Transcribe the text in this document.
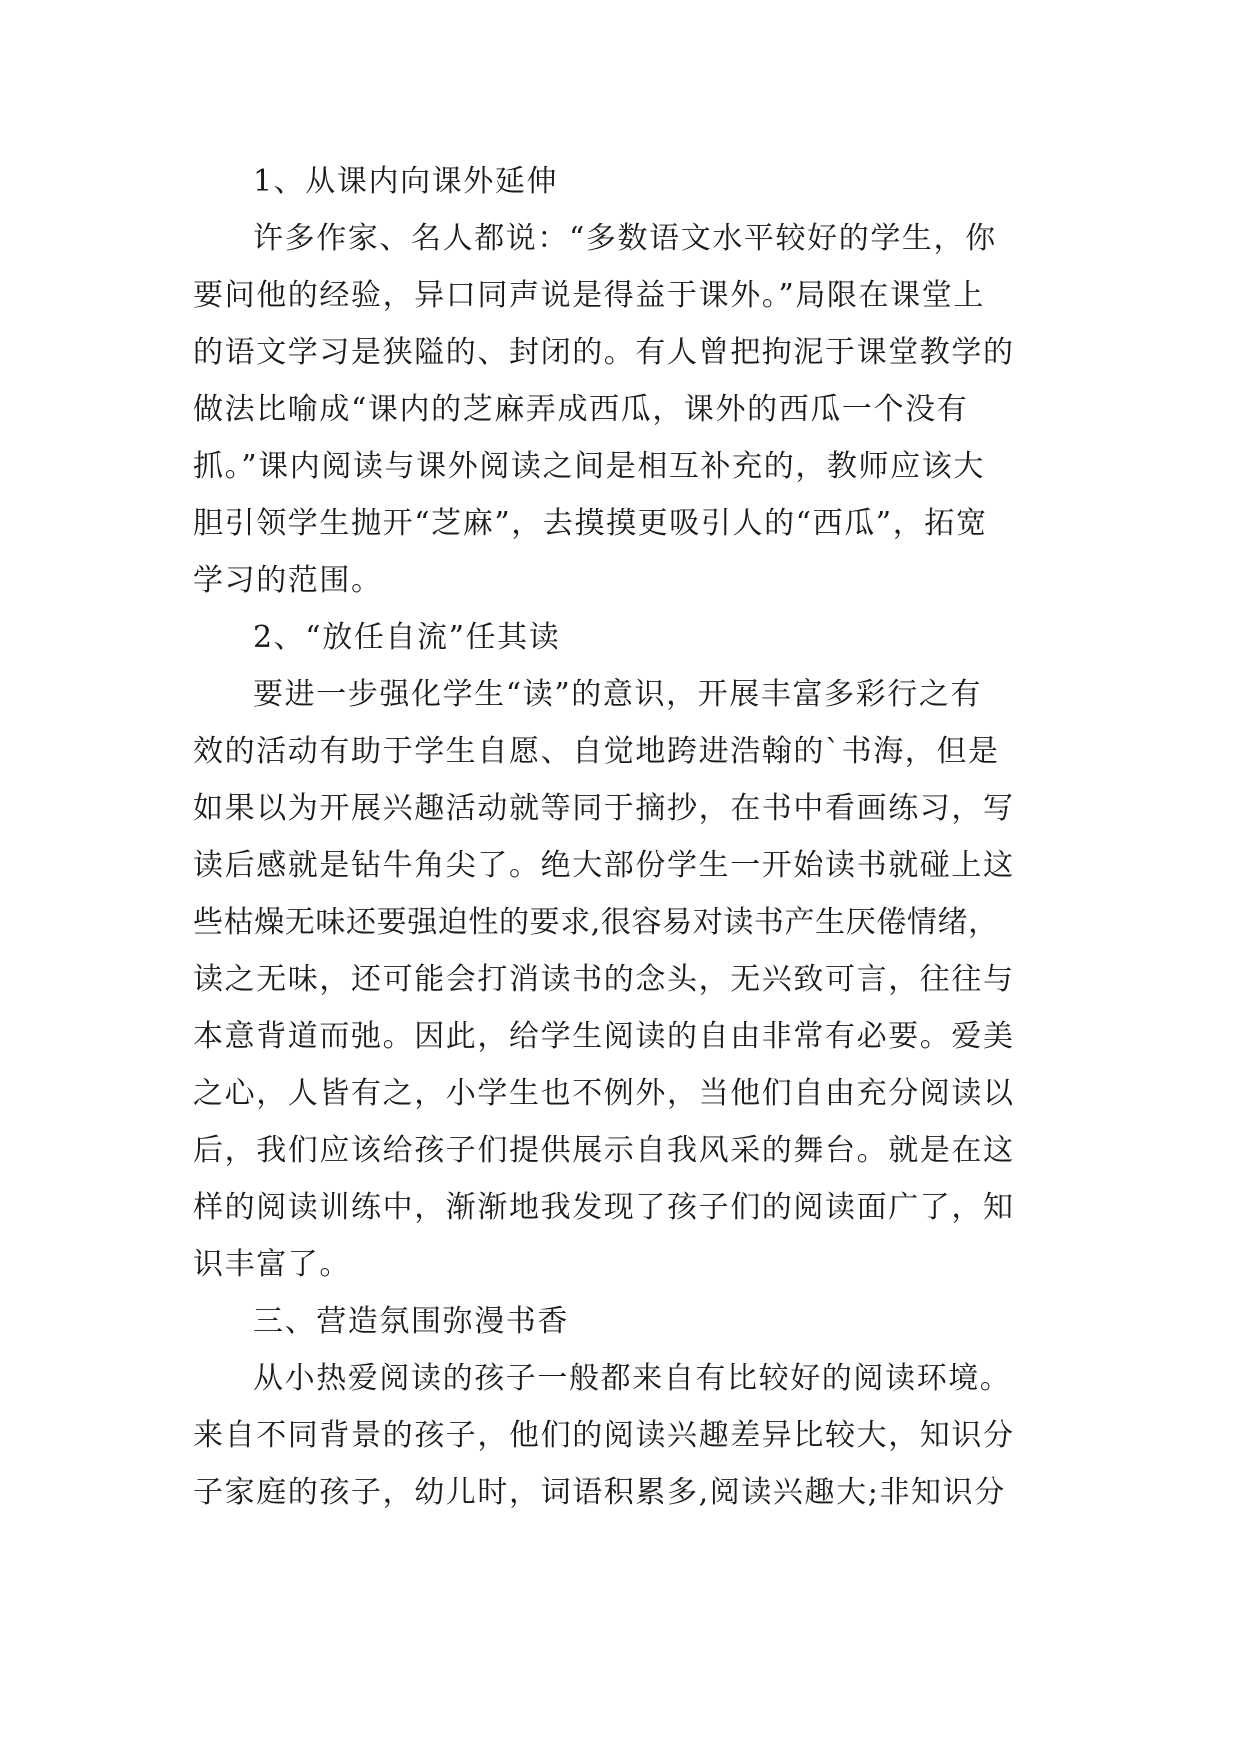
1、从课内向课外延伸
许多作家、名人都说：“多数语文水平较好的学生，你
要问他的经验，异口同声说是得益于课外。”局限在课堂上
的语文学习是狭隘的、封闭的。有人曾把拘泥于课堂教学的
做法比喻成“课内的芝麻弄成西瓜，课外的西瓜一个没有
抓。”课内阅读与课外阅读之间是相互补充的，教师应该大
胆引领学生抛开“芝麻”，去摸摸更吸引人的“西瓜”，拓宽
学习的范围。
2、“放任自流”任其读
要进一步强化学生“读”的意识，开展丰富多彩行之有
效的活动有助于学生自愿、自觉地跨进浩翰的`书海，但是
如果以为开展兴趣活动就等同于摘抄，在书中看画练习，写
读后感就是钻牛角尖了。绝大部份学生一开始读书就碰上这
些枯燥无味还要强迫性的要求,很容易对读书产生厌倦情绪，
读之无味，还可能会打消读书的念头，无兴致可言，往往与
本意背道而弛。因此，给学生阅读的自由非常有必要。爱美
之心，人皆有之，小学生也不例外，当他们自由充分阅读以
后，我们应该给孩子们提供展示自我风采的舞台。就是在这
样的阅读训练中，渐渐地我发现了孩子们的阅读面广了，知
识丰富了。
三、营造氛围弥漫书香
从小热爱阅读的孩子一般都来自有比较好的阅读环境。
来自不同背景的孩子，他们的阅读兴趣差异比较大，知识分
子家庭的孩子，幼儿时，词语积累多,阅读兴趣大;非知识分
